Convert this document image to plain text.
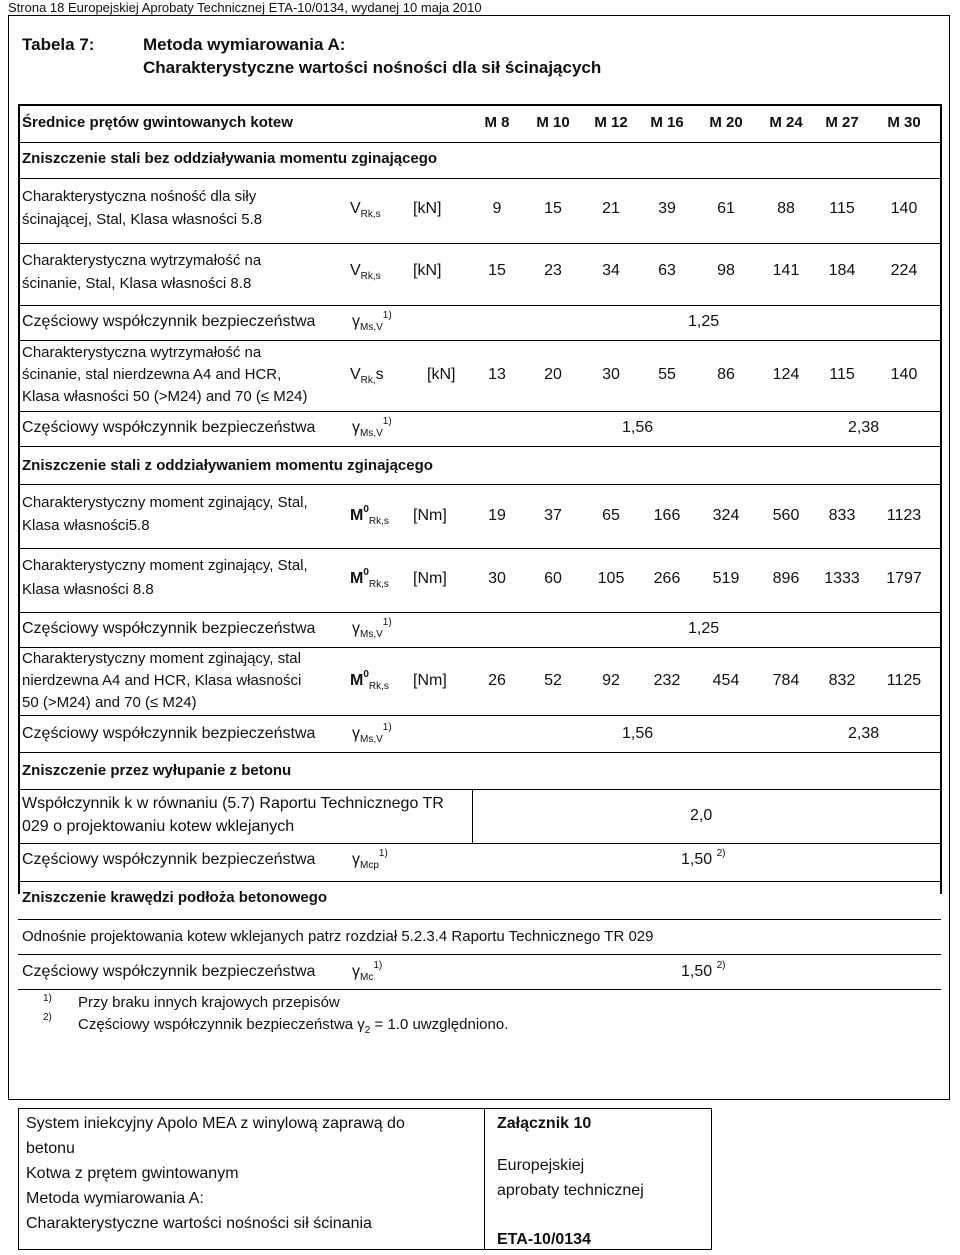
Strona 18 Europejskiej Aprobaty Technicznej ETA-10/0134, wydanej 10 maja 2010
Tabela 7:	Metoda wymiarowania A:
Charakterystyczne wartości nośności dla sił ścinających
Średnice prętów gwintowanych kotew	M 8	M 10	M 12	M 16	M 20	M 24	M 27	M 30
Zniszczenie stali bez oddziaływania momentu zginającego
Charakterystyczna nośność dla siły
ścinającej, Stal, Klasa własności 5.8
$V_{Rk,s}$ [kN]	9	15	21	39	61	88	115	140
Charakterystyczna wytrzymałość na
ścinanie, Stal, Klasa własności 8.8
$V_{Rk,s}$ [kN]	15	23	34	63	98	141	184	224
Częściowy współczynnik bezpieczeństwa $\gamma_{Ms,V}^{1)}$	1,25
Charakterystyczna wytrzymałość na
ścinanie, stal nierdzewna A4 and HCR,
Klasa własności 50 (>M24) and 70 (≤ M24)
$V_{Rk,}s$	[kN]	13	20	30	55	86	124	115	140
Częściowy współczynnik bezpieczeństwa $\gamma_{Ms,V}^{1)}$	1,56	2,38
Zniszczenie stali z oddziaływaniem momentu zginającego
Charakterystyczny moment zginający, Stal,
Klasa własności5.8
$M^0_{Rk,s}$ [Nm]	19	37	65	166	324	560	833	1123
Charakterystyczny moment zginający, Stal,
Klasa własności 8.8
$M^0_{Rk,s}$ [Nm]	30	60	105	266	519	896	1333	1797
Częściowy współczynnik bezpieczeństwa $\gamma_{Ms,V}^{1)}$	1,25
Charakterystyczny moment zginający, stal
nierdzewna A4 and HCR, Klasa własności
50 (>M24) and 70 (≤ M24)
$M^0_{Rk,s}$ [Nm]	26	52	92	232	454	784	832	1125
Częściowy współczynnik bezpieczeństwa $\gamma_{Ms,V}^{1)}$	1,56	2,38
Zniszczenie przez wyłupanie z betonu
Współczynnik k w równaniu (5.7) Raportu Technicznego TR
029 o projektowaniu kotew wklejanych
2,0
Częściowy współczynnik bezpieczeństwa $\gamma_{Mcp}^{1)}$	1,50 $^{2)}$
Zniszczenie krawędzi podłoża betonowego
Odnośnie projektowania kotew wklejanych patrz rozdział 5.2.3.4 Raportu Technicznego TR 029
Częściowy współczynnik bezpieczeństwa $\gamma_{Mc}^{1)}$	1,50 $^{2)}$
1) Przy braku innych krajowych przepisów
2) Częściowy współczynnik bezpieczeństwa $\gamma_2 = 1.0$ uwzględniono.
System iniekcyjny Apolo MEA z winylową zaprawą do
betonu
Kotwa z prętem gwintowanym
Metoda wymiarowania A:
Charakterystyczne wartości nośności sił ścinania
Załącznik 10
Europejskiej
aprobaty technicznej
ETA-10/0134
